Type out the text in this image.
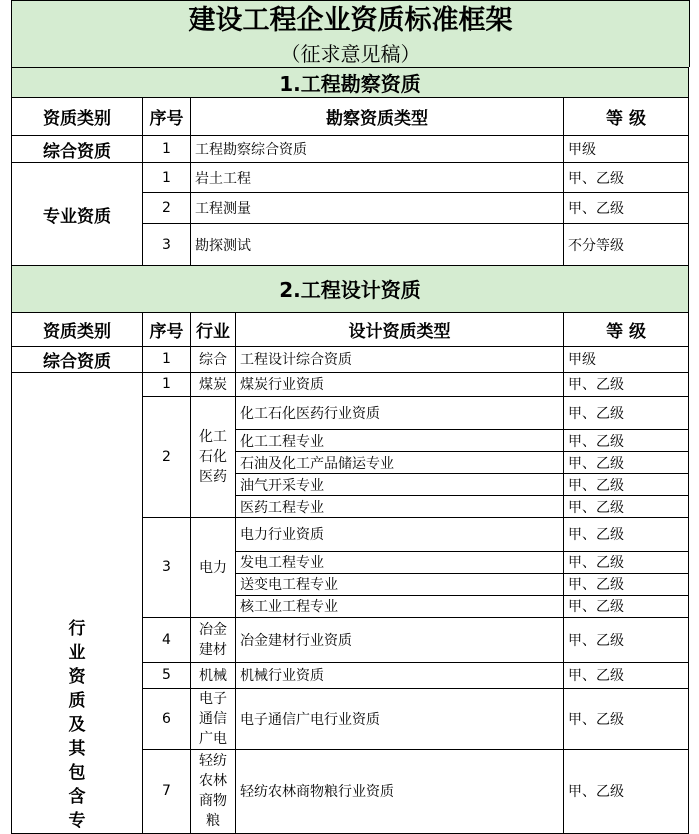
建设工程企业资质标准框架
（征求意见稿）
1.工程勘察资质			
资质类别	序号	勘察资质类型	等 级
综合资质	1	工程勘察综合资质	甲级
专业资质	1	岩土工程	甲、乙级
	2	工程测量	甲、乙级
	3	勘探测试	不分等级
2.工程设计资质				
资质类别	序号	行业	设计资质类型	等 级
综合资质	1	综合	工程设计综合资质	甲级

行业资质及其包含专	1	煤炭	煤炭行业资质	甲、乙级
	2	化工石化医药	化工石化医药行业资质	甲、乙级
			化工工程专业	甲、乙级
			石油及化工产品储运专业	甲、乙级
			油气开采专业	甲、乙级
			医药工程专业	甲、乙级
	3	电力	电力行业资质	甲、乙级
			发电工程专业	甲、乙级
			送变电工程专业	甲、乙级
			核工业工程专业	甲、乙级
	4	冶金建材	冶金建材行业资质	甲、乙级
	5	机械	机械行业资质	甲、乙级
	6	电子通信广电	电子通信广电行业资质	甲、乙级
	7	轻纺农林商物粮	轻纺农林商物粮行业资质	甲、乙级
